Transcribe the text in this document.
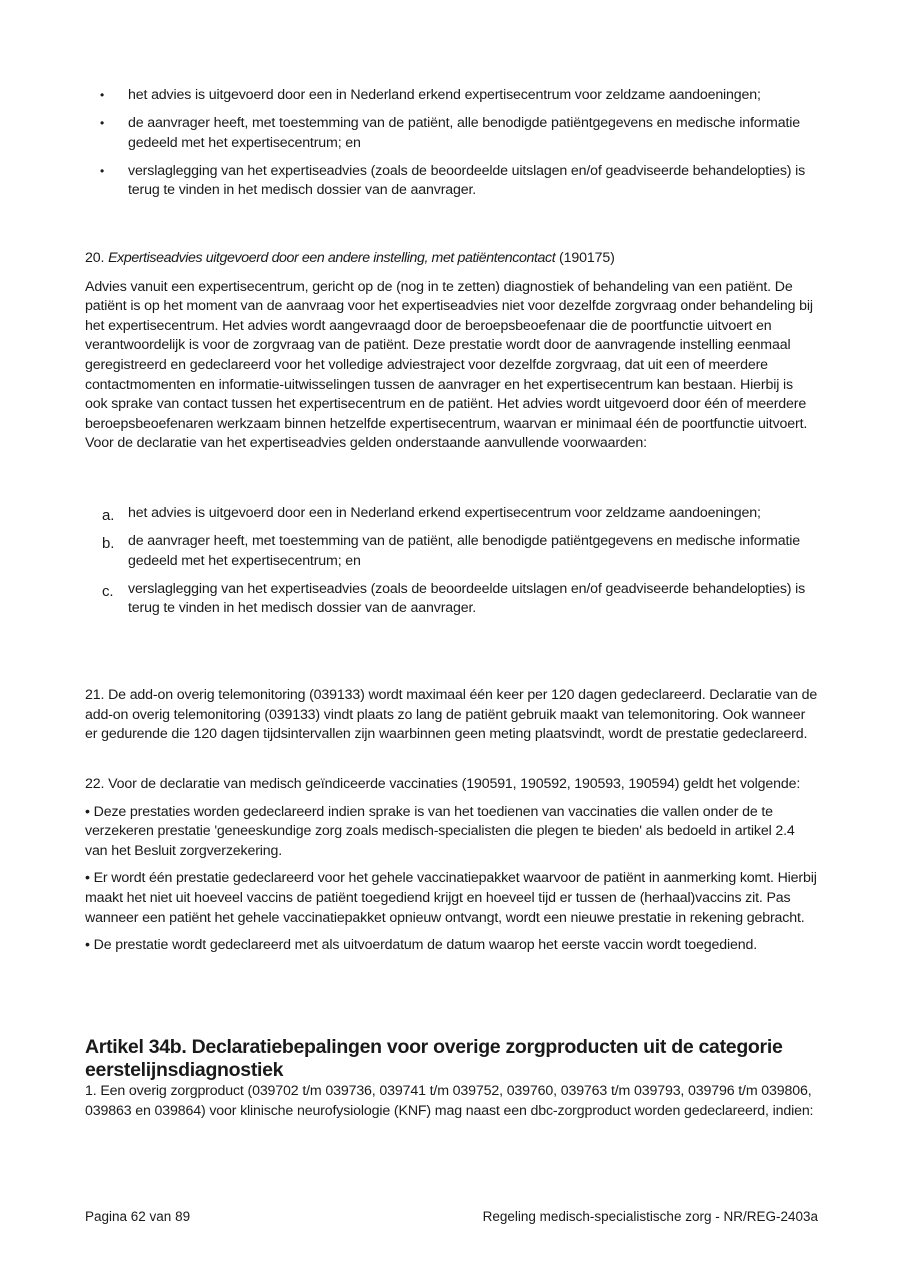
• het advies is uitgevoerd door een in Nederland erkend expertisecentrum voor zeldzame aandoeningen;
• de aanvrager heeft, met toestemming van de patiënt, alle benodigde patiëntgegevens en medische informatie gedeeld met het expertisecentrum; en
• verslaglegging van het expertiseadvies (zoals de beoordeelde uitslagen en/of geadviseerde behandelopties) is terug te vinden in het medisch dossier van de aanvrager.

20. Expertiseadvies uitgevoerd door een andere instelling, met patiëntencontact (190175)

Advies vanuit een expertisecentrum, gericht op de (nog in te zetten) diagnostiek of behandeling van een patiënt. De patiënt is op het moment van de aanvraag voor het expertiseadvies niet voor dezelfde zorgvraag onder behandeling bij het expertisecentrum. Het advies wordt aangevraagd door de beroepsbeoefenaar die de poortfunctie uitvoert en verantwoordelijk is voor de zorgvraag van de patiënt. Deze prestatie wordt door de aanvragende instelling eenmaal geregistreerd en gedeclareerd voor het volledige adviestraject voor dezelfde zorgvraag, dat uit een of meerdere contactmomenten en informatie-uitwisselingen tussen de aanvrager en het expertisecentrum kan bestaan. Hierbij is ook sprake van contact tussen het expertisecentrum en de patiënt. Het advies wordt uitgevoerd door één of meerdere beroepsbeoefenaren werkzaam binnen hetzelfde expertisecentrum, waarvan er minimaal één de poortfunctie uitvoert.

Voor de declaratie van het expertiseadvies gelden onderstaande aanvullende voorwaarden:

a. het advies is uitgevoerd door een in Nederland erkend expertisecentrum voor zeldzame aandoeningen;
b. de aanvrager heeft, met toestemming van de patiënt, alle benodigde patiëntgegevens en medische informatie gedeeld met het expertisecentrum; en
c. verslaglegging van het expertiseadvies (zoals de beoordeelde uitslagen en/of geadviseerde behandelopties) is terug te vinden in het medisch dossier van de aanvrager.

21. De add-on overig telemonitoring (039133) wordt maximaal één keer per 120 dagen gedeclareerd. Declaratie van de add-on overig telemonitoring (039133) vindt plaats zo lang de patiënt gebruik maakt van telemonitoring. Ook wanneer er gedurende die 120 dagen tijdsintervallen zijn waarbinnen geen meting plaatsvindt, wordt de prestatie gedeclareerd.

22. Voor de declaratie van medisch geïndiceerde vaccinaties (190591, 190592, 190593, 190594) geldt het volgende:

• Deze prestaties worden gedeclareerd indien sprake is van het toedienen van vaccinaties die vallen onder de te verzekeren prestatie 'geneeskundige zorg zoals medisch-specialisten die plegen te bieden' als bedoeld in artikel 2.4 van het Besluit zorgverzekering.

• Er wordt één prestatie gedeclareerd voor het gehele vaccinatiepakket waarvoor de patiënt in aanmerking komt. Hierbij maakt het niet uit hoeveel vaccins de patiënt toegediend krijgt en hoeveel tijd er tussen de (herhaal)vaccins zit. Pas wanneer een patiënt het gehele vaccinatiepakket opnieuw ontvangt, wordt een nieuwe prestatie in rekening gebracht.

• De prestatie wordt gedeclareerd met als uitvoerdatum de datum waarop het eerste vaccin wordt toegediend.

Artikel 34b. Declaratiebepalingen voor overige zorgproducten uit de categorie eerstelijnsdiagnostiek

1. Een overig zorgproduct (039702 t/m 039736, 039741 t/m 039752, 039760, 039763 t/m 039793, 039796 t/m 039806, 039863 en 039864) voor klinische neurofysiologie (KNF) mag naast een dbc-zorgproduct worden gedeclareerd, indien:

Pagina 62 van 89	Regeling medisch-specialistische zorg - NR/REG-2403a
